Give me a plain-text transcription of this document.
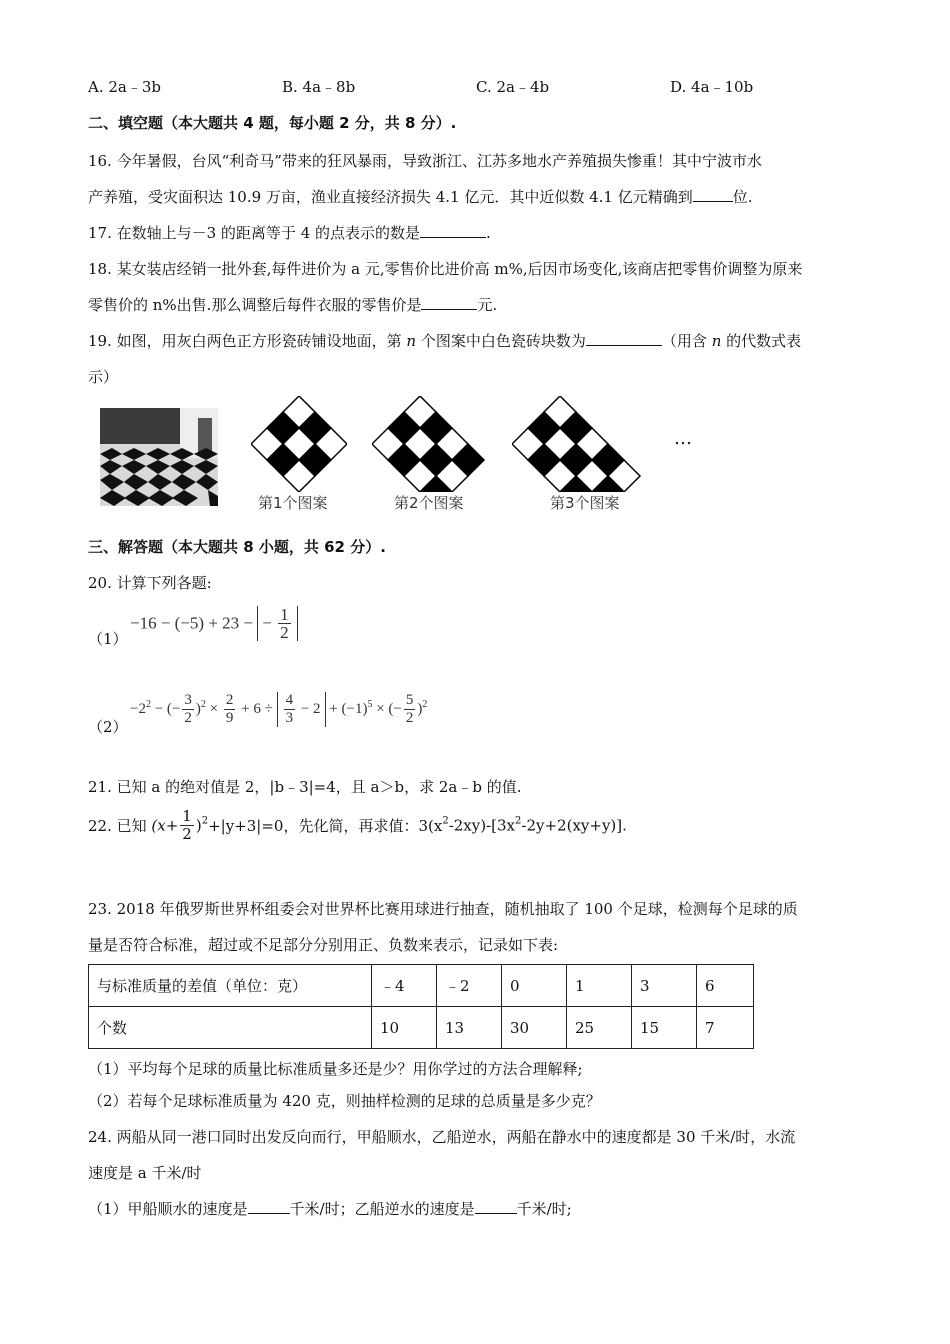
A. 2a﹣3b	B. 4a﹣8b	C. 2a﹣4b	D. 4a﹣10b
二、填空题（本大题共 4 题，每小题 2 分，共 8 分）.
16. 今年暑假，台风“利奇马”带来的狂风暴雨，导致浙江、江苏多地水产养殖损失惨重！其中宁波市水
产养殖，受灾面积达 10.9 万亩，渔业直接经济损失 4.1 亿元．其中近似数 4.1 亿元精确到	位.
17. 在数轴上与－3 的距离等于 4 的点表示的数是	.
18. 某女装店经销一批外套,每件进价为 a 元,零售价比进价高 m%,后因市场变化,该商店把零售价调整为原来
零售价的 n%出售.那么调整后每件衣服的零售价是	元.
19. 如图，用灰白两色正方形瓷砖铺设地面，第 n 个图案中白色瓷砖块数为	（用含 n 的代数式表
示）
…
第1个图案	第2个图案	第3个图案
三、解答题（本大题共 8 小题，共 62 分）.
20. 计算下列各题:
（1）
−16 − (−5) + 23 − − $\frac{1}{2}$
（2）
$-2^2$ − (− $\frac{3}{2} )^2 \times \frac{2}{9} + 6 \div \frac{4}{3} - 2 + (-1)^5$ × (− $\frac{5}{2} )^2$
21. 已知 a 的绝对值是 2，|b﹣3|=4，且 a＞b，求 2a﹣b 的值.
22. 已知 $(x+ \frac{1}{2} )^2+|y+3|=0$，先化简，再求值：$3(x^2-2xy)-[3x^2-2y+2(xy+y)]$.
23. 2018 年俄罗斯世界杯组委会对世界杯比赛用球进行抽查，随机抽取了 100 个足球，检测每个足球的质
量是否符合标准，超过或不足部分分别用正、负数来表示，记录如下表:
与标准质量的差值（单位：克）	﹣4	﹣2	0	1	3	6
个数	10	13	30	25	15	7
（1）平均每个足球的质量比标准质量多还是少？用你学过的方法合理解释;
（2）若每个足球标准质量为 420 克，则抽样检测的足球的总质量是多少克？
24. 两船从同一港口同时出发反向而行，甲船顺水，乙船逆水，两船在静水中的速度都是 30 千米/时，水流
速度是 a 千米/时
（1）甲船顺水的速度是	千米/时；乙船逆水的速度是	千米/时;
